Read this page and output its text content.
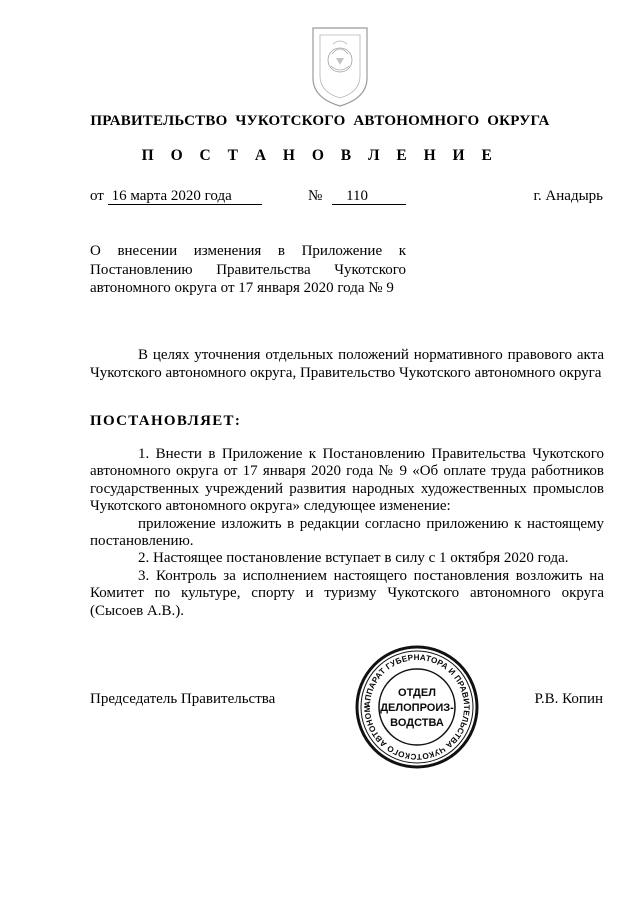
ПРАВИТЕЛЬСТВО ЧУКОТСКОГО АВТОНОМНОГО ОКРУГА
П О С Т А Н О В Л Е Н И Е
от 16 марта 2020 года	№ 110	г. Анадырь

О внесении изменения в Приложение к Постановлению Правительства Чукотского автономного округа от 17 января 2020 года № 9

В целях уточнения отдельных положений нормативного правового акта Чукотского автономного округа, Правительство Чукотского автономного округа
ПОСТАНОВЛЯЕТ:

1. Внести в Приложение к Постановлению Правительства Чукотского автономного округа от 17 января 2020 года № 9 «Об оплате труда работников государственных учреждений развития народных художественных промыслов Чукотского автономного округа» следующее изменение:

приложение изложить в редакции согласно приложению к настоящему постановлению.

2. Настоящее постановление вступает в силу с 1 октября 2020 года.

3. Контроль за исполнением настоящего постановления возложить на Комитет по культуре, спорту и туризму Чукотского автономного округа (Сысоев А.В.).

Председатель Правительства	Р.В. Копин
АППАРАТ ГУБЕРНАТОРА И ПРАВИТЕЛЬСТВА ЧУКОТСКОГО АВТОНОМ
ОТДЕЛ
ДЕЛОПРОИЗ-
ВОДСТВА
